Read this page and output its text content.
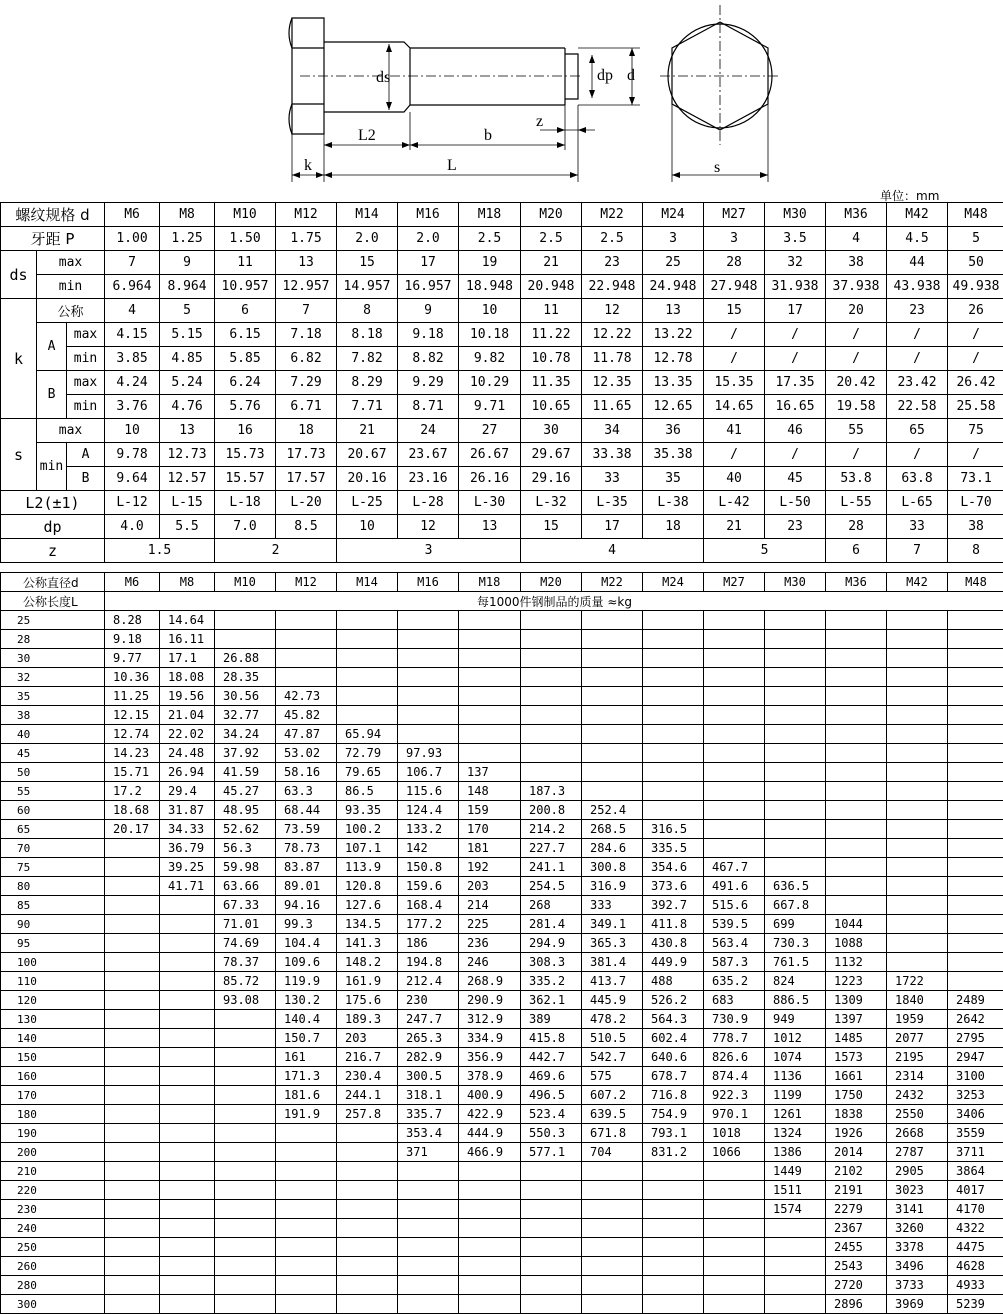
ds	dp d
L2	b
z
k	L	s
单位：mm
螺纹规格 d			M6	M8	M10	M12	M14	M16	M18	M20	M22	M24	M27	M30	M36	M42	M48
牙距 P			1.00	1.25	1.50	1.75	2.0	2.0	2.5	2.5	2.5	3	3	3.5	4	4.5	5
ds	max		7	9	11	13	15	17	19	21	23	25	28	32	38	44	50
	min		6.964	8.964	10.957	12.957	14.957	16.957	18.948	20.948	22.948	24.948	27.948	31.938	37.938	43.938	49.938
k	公称		4	5	6	7	8	9	10	11	12	13	15	17	20	23	26
	A	max	4.15	5.15	6.15	7.18	8.18	9.18	10.18	11.22	12.22	13.22	/	/	/	/	/
		min	3.85	4.85	5.85	6.82	7.82	8.82	9.82	10.78	11.78	12.78	/	/	/	/	/
	B	max	4.24	5.24	6.24	7.29	8.29	9.29	10.29	11.35	12.35	13.35	15.35	17.35	20.42	23.42	26.42
		min	3.76	4.76	5.76	6.71	7.71	8.71	9.71	10.65	11.65	12.65	14.65	16.65	19.58	22.58	25.58
s	max		10	13	16	18	21	24	27	30	34	36	41	46	55	65	75
	min	A	9.78	12.73	15.73	17.73	20.67	23.67	26.67	29.67	33.38	35.38	/	/	/	/	/
		B	9.64	12.57	15.57	17.57	20.16	23.16	26.16	29.16	33	35	40	45	53.8	63.8	73.1
L2(±1)			L-12	L-15	L-18	L-20	L-25	L-28	L-30	L-32	L-35	L-38	L-42	L-50	L-55	L-65	L-70
dp			4.0	5.5	7.0	8.5	10	12	13	15	17	18	21	23	28	33	38
z			1.5		2		3			4			5		6	7	8
公称直径d	M6	M8	M10	M12	M14	M16	M18	M20	M22	M24	M27	M30	M36	M42	M48
公称长度L	每1000件钢制品的质量 ≈kg														
25	8.28	14.64													
28	9.18	16.11													
30	9.77	17.1	26.88												
32	10.36	18.08	28.35												
35	11.25	19.56	30.56	42.73											
38	12.15	21.04	32.77	45.82											
40	12.74	22.02	34.24	47.87	65.94										
45	14.23	24.48	37.92	53.02	72.79	97.93									
50	15.71	26.94	41.59	58.16	79.65	106.7	137								
55	17.2	29.4	45.27	63.3	86.5	115.6	148	187.3							
60	18.68	31.87	48.95	68.44	93.35	124.4	159	200.8	252.4						
65	20.17	34.33	52.62	73.59	100.2	133.2	170	214.2	268.5	316.5					
70		36.79	56.3	78.73	107.1	142	181	227.7	284.6	335.5					
75		39.25	59.98	83.87	113.9	150.8	192	241.1	300.8	354.6	467.7				
80		41.71	63.66	89.01	120.8	159.6	203	254.5	316.9	373.6	491.6	636.5			
85			67.33	94.16	127.6	168.4	214	268	333	392.7	515.6	667.8			
90			71.01	99.3	134.5	177.2	225	281.4	349.1	411.8	539.5	699	1044		
95			74.69	104.4	141.3	186	236	294.9	365.3	430.8	563.4	730.3	1088		
100			78.37	109.6	148.2	194.8	246	308.3	381.4	449.9	587.3	761.5	1132		
110			85.72	119.9	161.9	212.4	268.9	335.2	413.7	488	635.2	824	1223	1722	
120			93.08	130.2	175.6	230	290.9	362.1	445.9	526.2	683	886.5	1309	1840	2489
130				140.4	189.3	247.7	312.9	389	478.2	564.3	730.9	949	1397	1959	2642
140				150.7	203	265.3	334.9	415.8	510.5	602.4	778.7	1012	1485	2077	2795
150				161	216.7	282.9	356.9	442.7	542.7	640.6	826.6	1074	1573	2195	2947
160				171.3	230.4	300.5	378.9	469.6	575	678.7	874.4	1136	1661	2314	3100
170				181.6	244.1	318.1	400.9	496.5	607.2	716.8	922.3	1199	1750	2432	3253
180				191.9	257.8	335.7	422.9	523.4	639.5	754.9	970.1	1261	1838	2550	3406
190						353.4	444.9	550.3	671.8	793.1	1018	1324	1926	2668	3559
200						371	466.9	577.1	704	831.2	1066	1386	2014	2787	3711
210												1449	2102	2905	3864
220												1511	2191	3023	4017
230												1574	2279	3141	4170
240													2367	3260	4322
250													2455	3378	4475
260													2543	3496	4628
280													2720	3733	4933
300													2896	3969	5239
